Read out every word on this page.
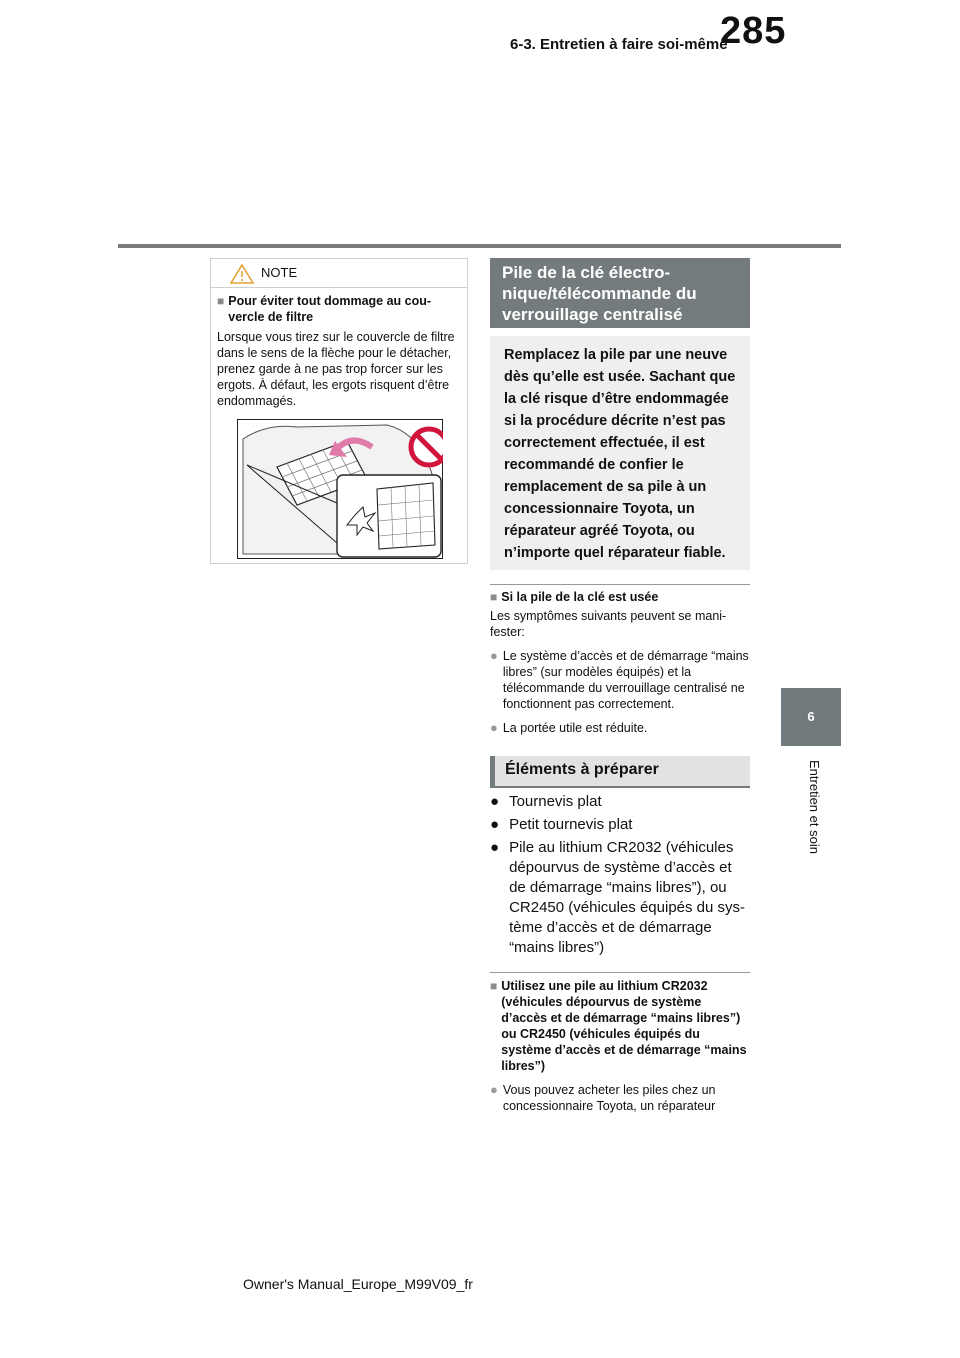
285
6-3. Entretien à faire soi-même
6
Entretien et soin
NOTE
■ Pour éviter tout dommage au cou-vercle de filtre
Lorsque vous tirez sur le couvercle de filtre dans le sens de la flèche pour le détacher, prenez garde à ne pas trop forcer sur les ergots. À défaut, les ergots risquent d’être endommagés.
Pile de la clé électro-nique/télécommande du verrouillage centralisé
Remplacez la pile par une neuve dès qu’elle est usée. Sachant que la clé risque d’être endommagée si la procédure décrite n’est pas correctement effectuée, il est recommandé de confier le remplacement de sa pile à un concessionnaire Toyota, un réparateur agréé Toyota, ou n’importe quel réparateur fiable.
■ Si la pile de la clé est usée
Les symptômes suivants peuvent se mani-fester:
● Le système d’accès et de démarrage “mains libres” (sur modèles équipés) et la télécommande du verrouillage centralisé ne fonctionnent pas correctement.
● La portée utile est réduite.
Éléments à préparer
● Tournevis plat
● Petit tournevis plat
● Pile au lithium CR2032 (véhicules dépourvus de système d’accès et de démarrage “mains libres”), ou CR2450 (véhicules équipés du sys-tème d’accès et de démarrage “mains libres”)
■ Utilisez une pile au lithium CR2032 (véhicules dépourvus de système d’accès et de démarrage “mains libres”) ou CR2450 (véhicules équipés du système d’accès et de démarrage “mains libres”)
● Vous pouvez acheter les piles chez un concessionnaire Toyota, un réparateur
Owner's Manual_Europe_M99V09_fr
